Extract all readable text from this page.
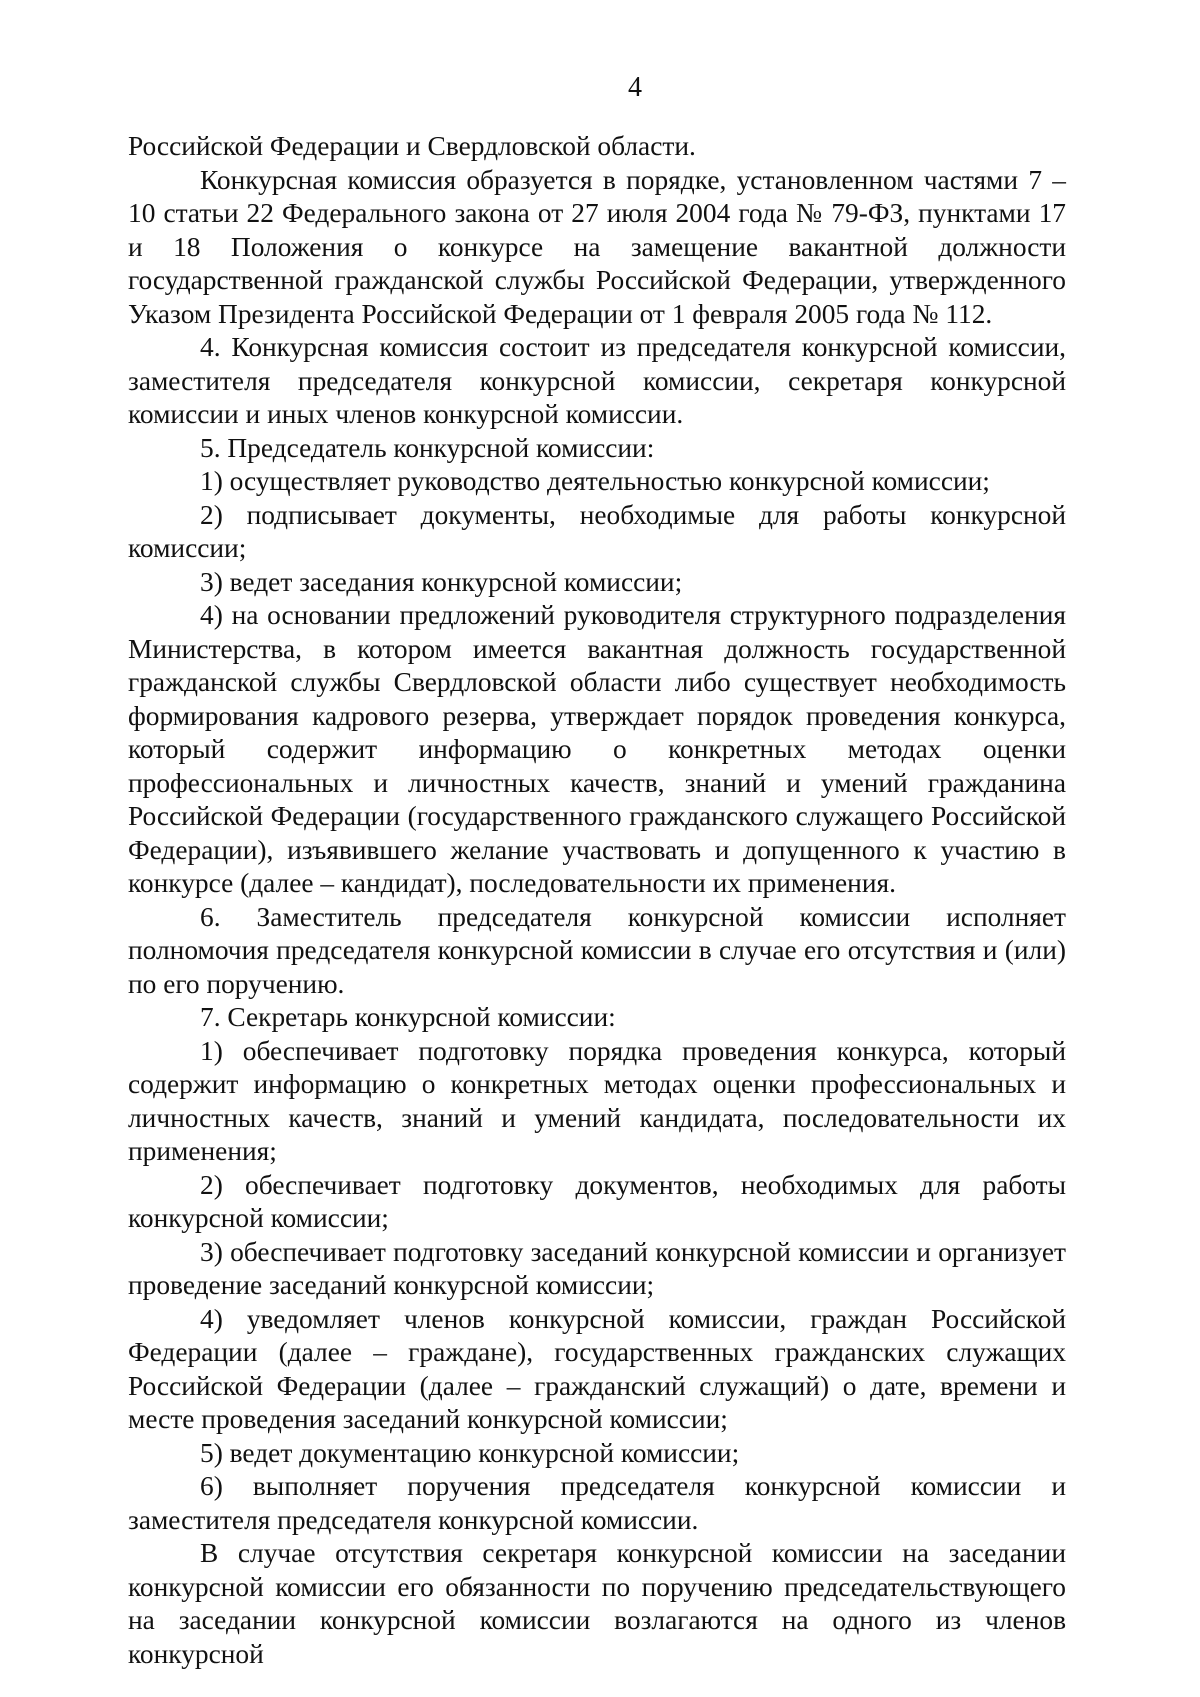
4

Российской Федерации и Свердловской области.

Конкурсная комиссия образуется в порядке, установленном частями 7 – 10 статьи 22 Федерального закона от 27 июля 2004 года № 79-ФЗ, пунктами 17 и 18 Положения о конкурсе на замещение вакантной должности государственной гражданской службы Российской Федерации, утвержденного Указом Президента Российской Федерации от 1 февраля 2005 года № 112.

4. Конкурсная комиссия состоит из председателя конкурсной комиссии, заместителя председателя конкурсной комиссии, секретаря конкурсной комиссии и иных членов конкурсной комиссии.

5. Председатель конкурсной комиссии:

1) осуществляет руководство деятельностью конкурсной комиссии;

2) подписывает документы, необходимые для работы конкурсной комиссии;

3) ведет заседания конкурсной комиссии;

4) на основании предложений руководителя структурного подразделения Министерства, в котором имеется вакантная должность государственной гражданской службы Свердловской области либо существует необходимость формирования кадрового резерва, утверждает порядок проведения конкурса, который содержит информацию о конкретных методах оценки профессиональных и личностных качеств, знаний и умений гражданина Российской Федерации (государственного гражданского служащего Российской Федерации), изъявившего желание участвовать и допущенного к участию в конкурсе (далее – кандидат), последовательности их применения.

6. Заместитель председателя конкурсной комиссии исполняет полномочия председателя конкурсной комиссии в случае его отсутствия и (или) по его поручению.

7. Секретарь конкурсной комиссии:

1) обеспечивает подготовку порядка проведения конкурса, который содержит информацию о конкретных методах оценки профессиональных и личностных качеств, знаний и умений кандидата, последовательности их применения;

2) обеспечивает подготовку документов, необходимых для работы конкурсной комиссии;

3) обеспечивает подготовку заседаний конкурсной комиссии и организует проведение заседаний конкурсной комиссии;

4) уведомляет членов конкурсной комиссии, граждан Российской Федерации (далее – граждане), государственных гражданских служащих Российской Федерации (далее – гражданский служащий) о дате, времени и месте проведения заседаний конкурсной комиссии;

5) ведет документацию конкурсной комиссии;

6) выполняет поручения председателя конкурсной комиссии и заместителя председателя конкурсной комиссии.

В случае отсутствия секретаря конкурсной комиссии на заседании конкурсной комиссии его обязанности по поручению председательствующего на заседании конкурсной комиссии возлагаются на одного из членов конкурсной
